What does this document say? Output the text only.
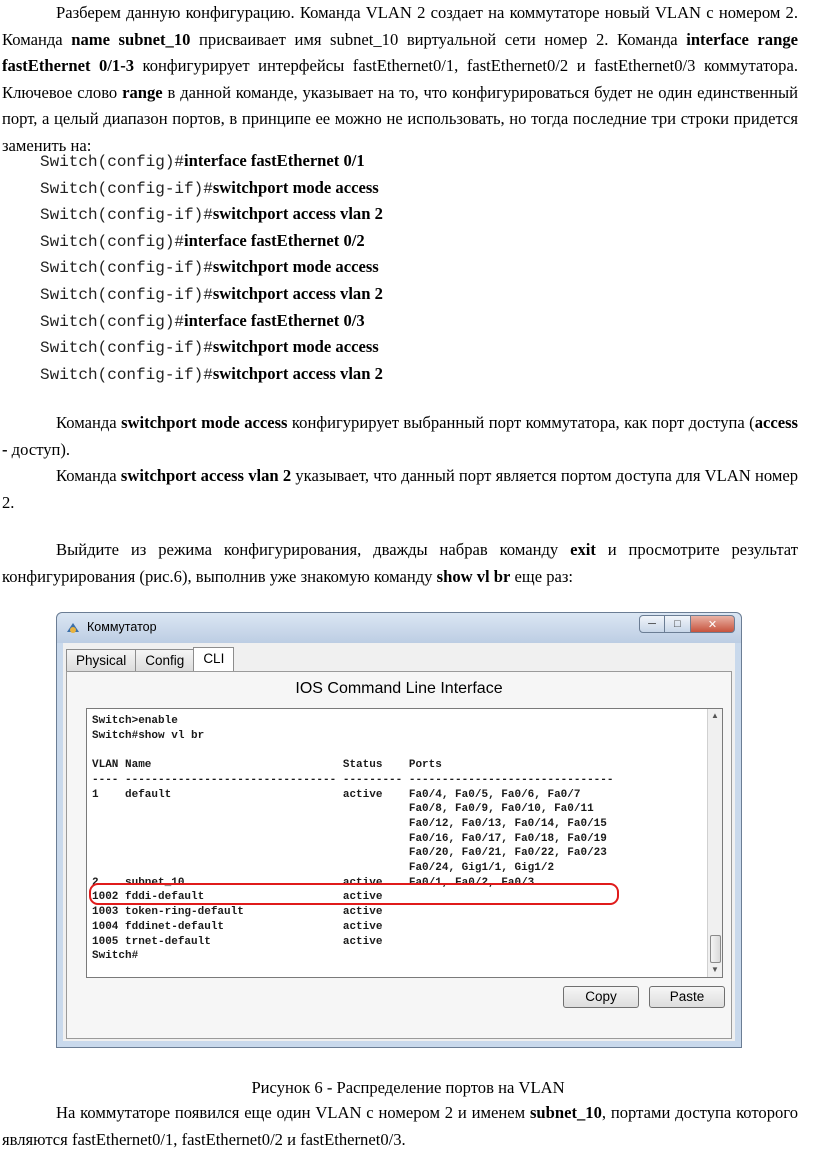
Разберем данную конфигурацию. Команда VLAN 2 создает на коммутаторе новый VLAN с номером 2. Команда name subnet_10 присваивает имя subnet_10 виртуальной сети номер 2. Команда interface range fastEthernet 0/1-3 конфигурирует интерфейсы fastEthernet0/1, fastEthernet0/2 и fastEthernet0/3 коммутатора. Ключевое слово range в данной команде, указывает на то, что конфигурироваться будет не один единственный порт, а целый диапазон портов, в принципе ее можно не использовать, но тогда последние три строки придется заменить на:

Switch(config)#interface fastEthernet 0/1
Switch(config-if)#switchport mode access
Switch(config-if)#switchport access vlan 2
Switch(config)#interface fastEthernet 0/2
Switch(config-if)#switchport mode access
Switch(config-if)#switchport access vlan 2
Switch(config)#interface fastEthernet 0/3
Switch(config-if)#switchport mode access
Switch(config-if)#switchport access vlan 2

Команда switchport mode access конфигурирует выбранный порт коммутатора, как порт доступа (access - доступ).

Команда switchport access vlan 2 указывает, что данный порт является портом доступа для VLAN номер 2.

Выйдите из режима конфигурирования, дважды набрав команду exit и просмотрите результат конфигурирования (рис.6), выполнив уже знакомую команду show vl br еще раз:

Коммутатор	─ □ ✕
Physical	Config	CLI
IOS Command Line Interface
Switch>enable
Switch#show vl br

VLAN Name                             Status    Ports
---- -------------------------------- --------- -------------------------------
1    default                          active    Fa0/4, Fa0/5, Fa0/6, Fa0/7
Fa0/8, Fa0/9, Fa0/10, Fa0/11
Fa0/12, Fa0/13, Fa0/14, Fa0/15
Fa0/16, Fa0/17, Fa0/18, Fa0/19
Fa0/20, Fa0/21, Fa0/22, Fa0/23
Fa0/24, Gig1/1, Gig1/2
2    subnet_10                        active    Fa0/1, Fa0/2, Fa0/3
1002 fddi-default                     active
1003 token-ring-default               active
1004 fddinet-default                  active
1005 trnet-default                    active
Switch#
▲
▼
Copy	Paste

Рисунок 6 - Распределение портов на VLAN

На коммутаторе появился еще один VLAN с номером 2 и именем subnet_10, портами доступа которого являются fastEthernet0/1, fastEthernet0/2 и fastEthernet0/3.
